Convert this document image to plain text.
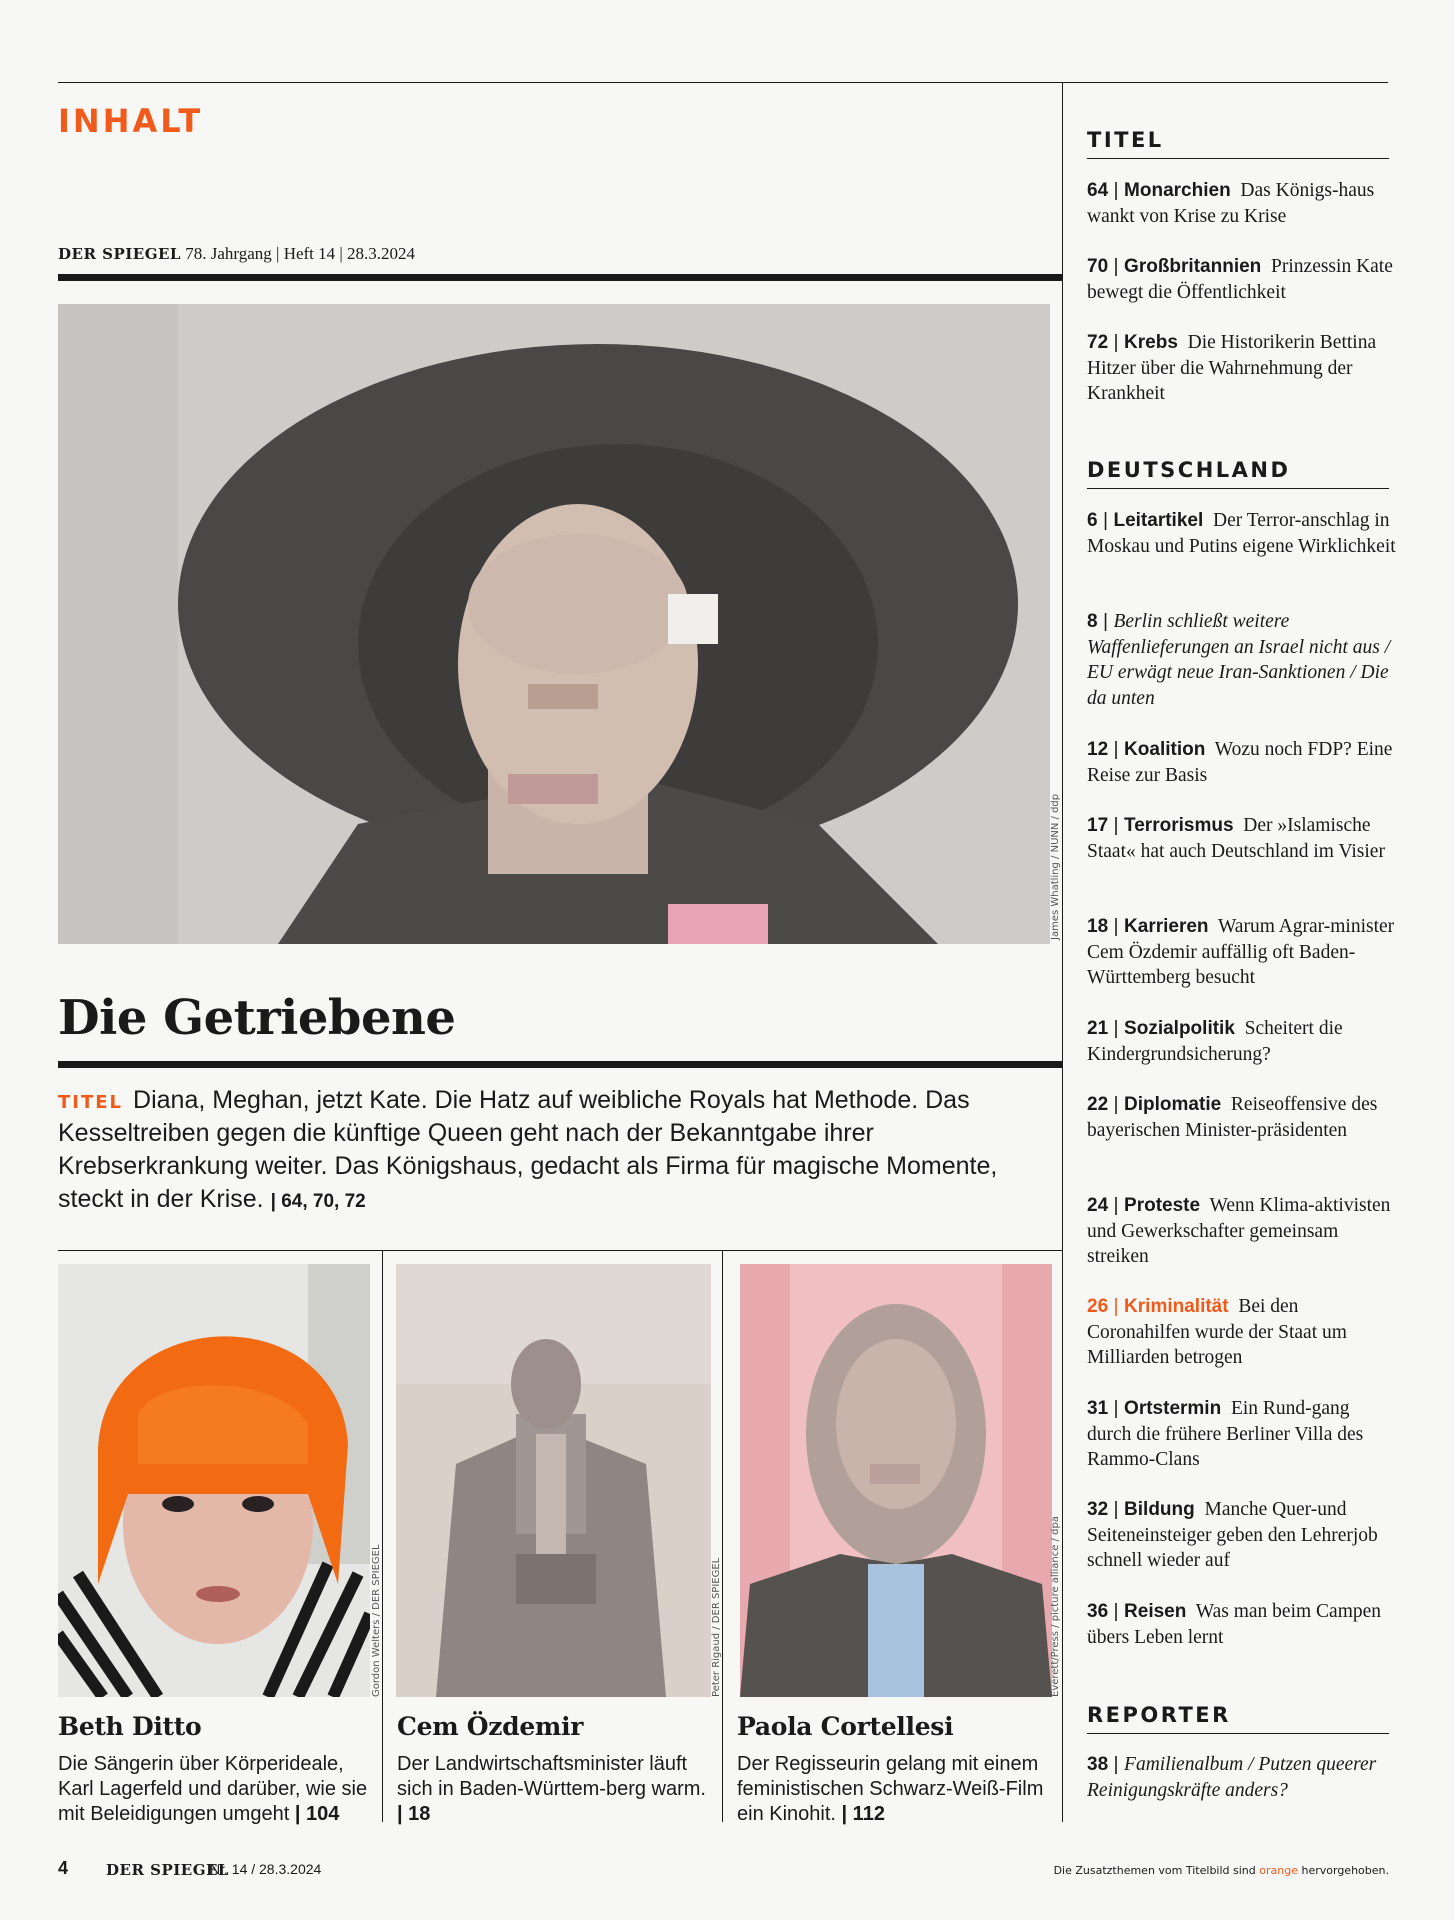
INHALT
DER SPIEGEL 78. Jahrgang | Heft 14 | 28.3.2024
James Whatling / NUNN / ddp
Die Getriebene

TITEL Diana, Meghan, jetzt Kate. Die Hatz auf weibliche Royals hat Methode. Das Kesseltreiben gegen die künftige Queen geht nach der Bekanntgabe ihrer Krebserkrankung weiter. Das Königshaus, gedacht als Firma für magische Momente, steckt in der Krise. | 64, 70, 72

Gordon Welters / DER SPIEGEL
Beth Ditto

Die Sängerin über Körperideale, Karl Lagerfeld und darüber, wie sie mit Beleidigungen umgeht | 104

Peter Rigaud / DER SPIEGEL
Cem Özdemir

Der Landwirtschaftsminister läuft sich in Baden-Württem-berg warm. | 18

Everett/Press / picture alliance / dpa
Paola Cortellesi

Der Regisseurin gelang mit einem feministischen Schwarz-Weiß-Film ein Kinohit. | 112

TITEL

64 | Monarchien Das Königs-haus wankt von Krise zu Krise

70 | Großbritannien Prinzessin Kate bewegt die Öffentlichkeit

72 | Krebs Die Historikerin Bettina Hitzer über die Wahrnehmung der Krankheit

DEUTSCHLAND

6 | Leitartikel Der Terror-anschlag in Moskau und Putins eigene Wirklichkeit

8 | Berlin schließt weitere Waffenlieferungen an Israel nicht aus / EU erwägt neue Iran-Sanktionen / Die da unten

12 | Koalition Wozu noch FDP? Eine Reise zur Basis

17 | Terrorismus Der »Islamische Staat« hat auch Deutschland im Visier

18 | Karrieren Warum Agrar-minister Cem Özdemir auffällig oft Baden-Württemberg besucht

21 | Sozialpolitik Scheitert die Kindergrundsicherung?

22 | Diplomatie Reiseoffensive des bayerischen Minister-präsidenten

24 | Proteste Wenn Klima-aktivisten und Gewerkschafter gemeinsam streiken

26 | Kriminalität Bei den Coronahilfen wurde der Staat um Milliarden betrogen

31 | Ortstermin Ein Rund-gang durch die frühere Berliner Villa des Rammo-Clans

32 | Bildung Manche Quer-und Seiteneinsteiger geben den Lehrerjob schnell wieder auf

36 | Reisen Was man beim Campen übers Leben lernt

REPORTER

38 | Familienalbum / Putzen queerer Reinigungskräfte anders?

4	DER SPIEGEL
Nr. 14 / 28.3.2024	Die Zusatzthemen vom Titelbild sind orange hervorgehoben.
